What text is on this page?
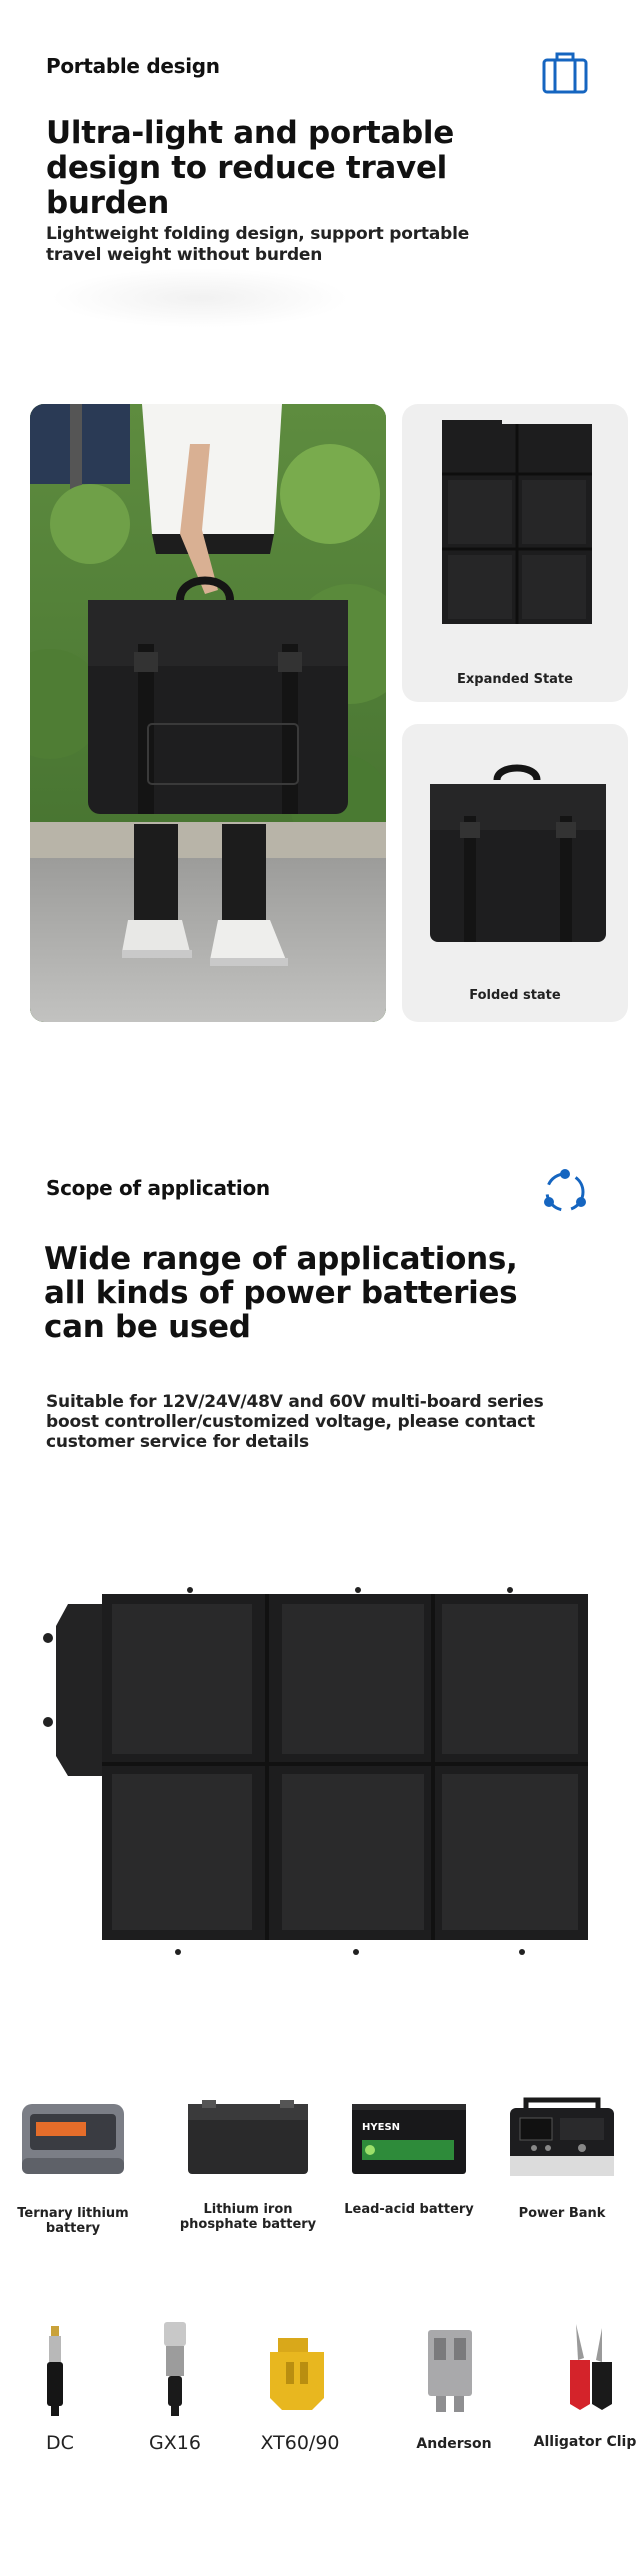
Portable design
Ultra-light and portable design to reduce travel burden
Lightweight folding design, support portable travel weight without burden
Expanded State
Folded state
Scope of application
Wide range of applications, all kinds of power batteries can be used
Suitable for 12V/24V/48V and 60V multi-board series boost controller/customized voltage, please contact customer service for details
Ternary lithium battery
Lithium iron phosphate battery
HYESN
Lead-acid battery	Power Bank
DC	GX16	XT60/90	Anderson	Alligator Clip
